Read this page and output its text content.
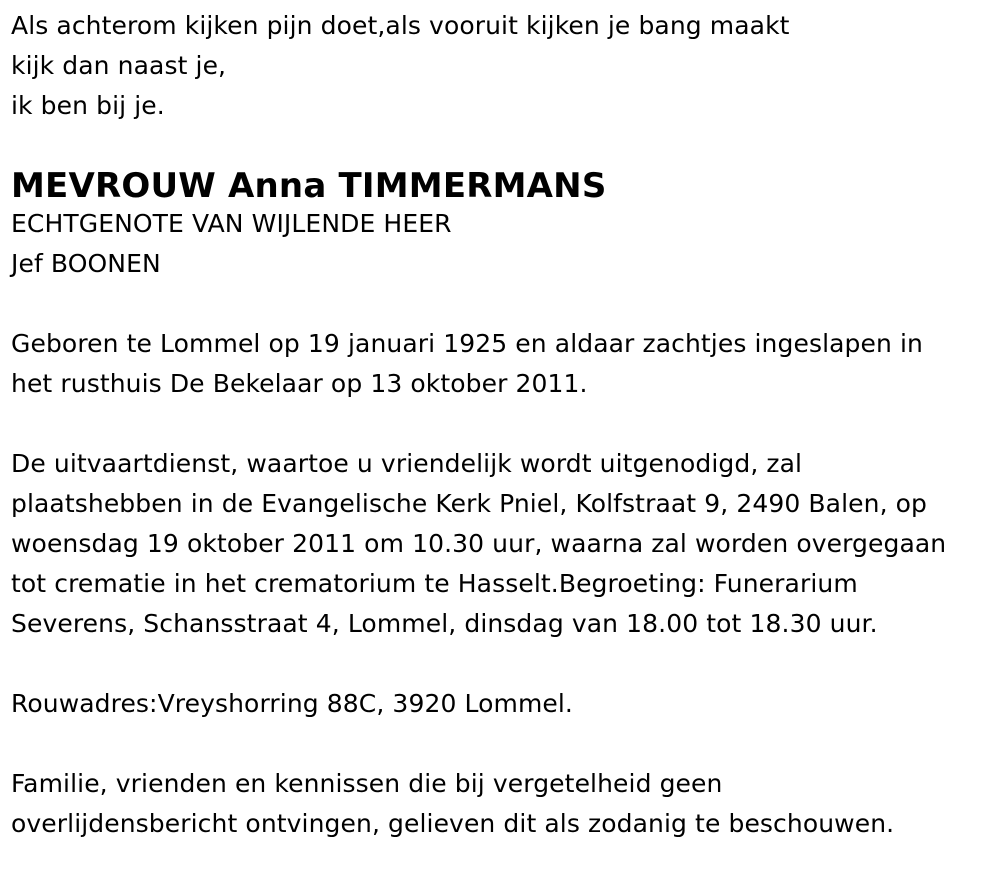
Als achterom kijken pijn doet,als vooruit kijken je bang maakt
kijk dan naast je,
ik ben bij je.
MEVROUW Anna TIMMERMANS
ECHTGENOTE VAN WIJLENDE HEER
Jef BOONEN
Geboren te Lommel op 19 januari 1925 en aldaar zachtjes ingeslapen in
het rusthuis De Bekelaar op 13 oktober 2011.
De uitvaartdienst, waartoe u vriendelijk wordt uitgenodigd, zal
plaatshebben in de Evangelische Kerk Pniel, Kolfstraat 9, 2490 Balen, op
woensdag 19 oktober 2011 om 10.30 uur, waarna zal worden overgegaan
tot crematie in het crematorium te Hasselt.Begroeting: Funerarium
Severens, Schansstraat 4, Lommel, dinsdag van 18.00 tot 18.30 uur.
Rouwadres:Vreyshorring 88C, 3920 Lommel.
Familie, vrienden en kennissen die bij vergetelheid geen
overlijdensbericht ontvingen, gelieven dit als zodanig te beschouwen.
